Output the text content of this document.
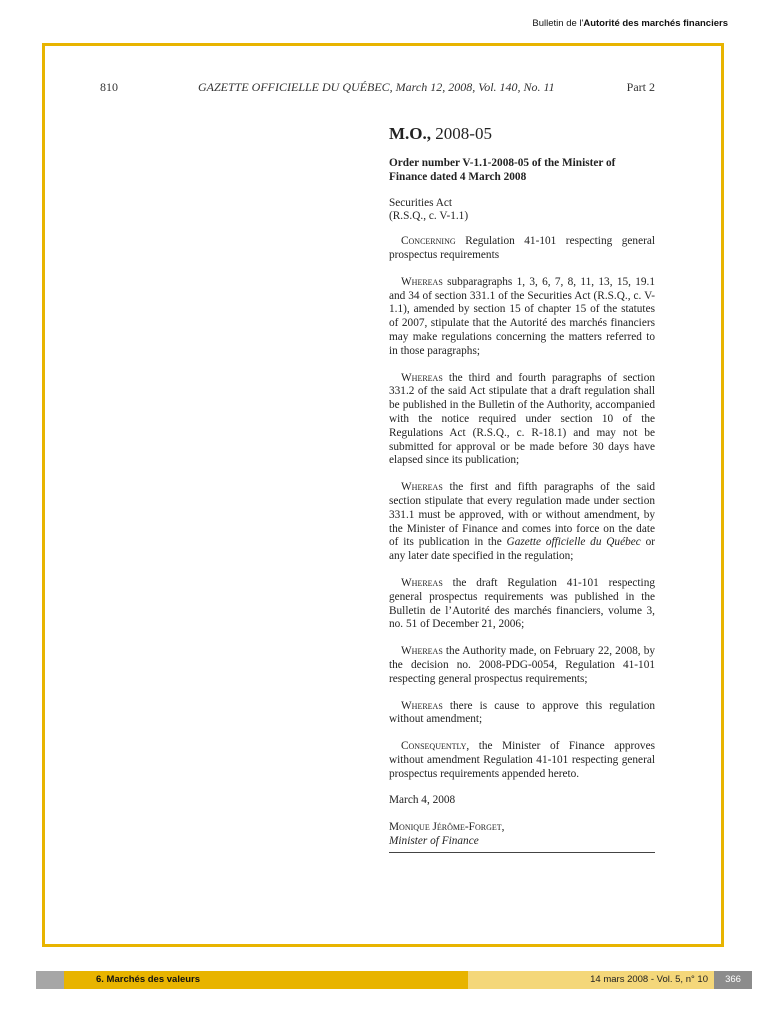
Bulletin de l'Autorité des marchés financiers
810	GAZETTE OFFICIELLE DU QUÉBEC, March 12, 2008, Vol. 140, No. 11	Part 2

M.O., 2008-05

Order number V-1.1-2008-05 of the Minister of Finance dated 4 March 2008

Securities Act
(R.S.Q., c. V-1.1)

Concerning Regulation 41-101 respecting general prospectus requirements

Whereas subparagraphs 1, 3, 6, 7, 8, 11, 13, 15, 19.1 and 34 of section 331.1 of the Securities Act (R.S.Q., c. V-1.1), amended by section 15 of chapter 15 of the statutes of 2007, stipulate that the Autorité des marchés financiers may make regulations concerning the matters referred to in those paragraphs;

Whereas the third and fourth paragraphs of section 331.2 of the said Act stipulate that a draft regulation shall be published in the Bulletin of the Authority, accompanied with the notice required under section 10 of the Regulations Act (R.S.Q., c. R-18.1) and may not be submitted for approval or be made before 30 days have elapsed since its publication;

Whereas the first and fifth paragraphs of the said section stipulate that every regulation made under section 331.1 must be approved, with or without amendment, by the Minister of Finance and comes into force on the date of its publication in the Gazette officielle du Québec or any later date specified in the regulation;

Whereas the draft Regulation 41-101 respecting general prospectus requirements was published in the Bulletin de l’Autorité des marchés financiers, volume 3, no. 51 of December 21, 2006;

Whereas the Authority made, on February 22, 2008, by the decision no. 2008-PDG-0054, Regulation 41-101 respecting general prospectus requirements;

Whereas there is cause to approve this regulation without amendment;

Consequently, the Minister of Finance approves without amendment Regulation 41-101 respecting general prospectus requirements appended hereto.

March 4, 2008

Monique Jérôme-Forget,
Minister of Finance

6. Marchés des valeurs	14 mars 2008 - Vol. 5, n° 10	366
